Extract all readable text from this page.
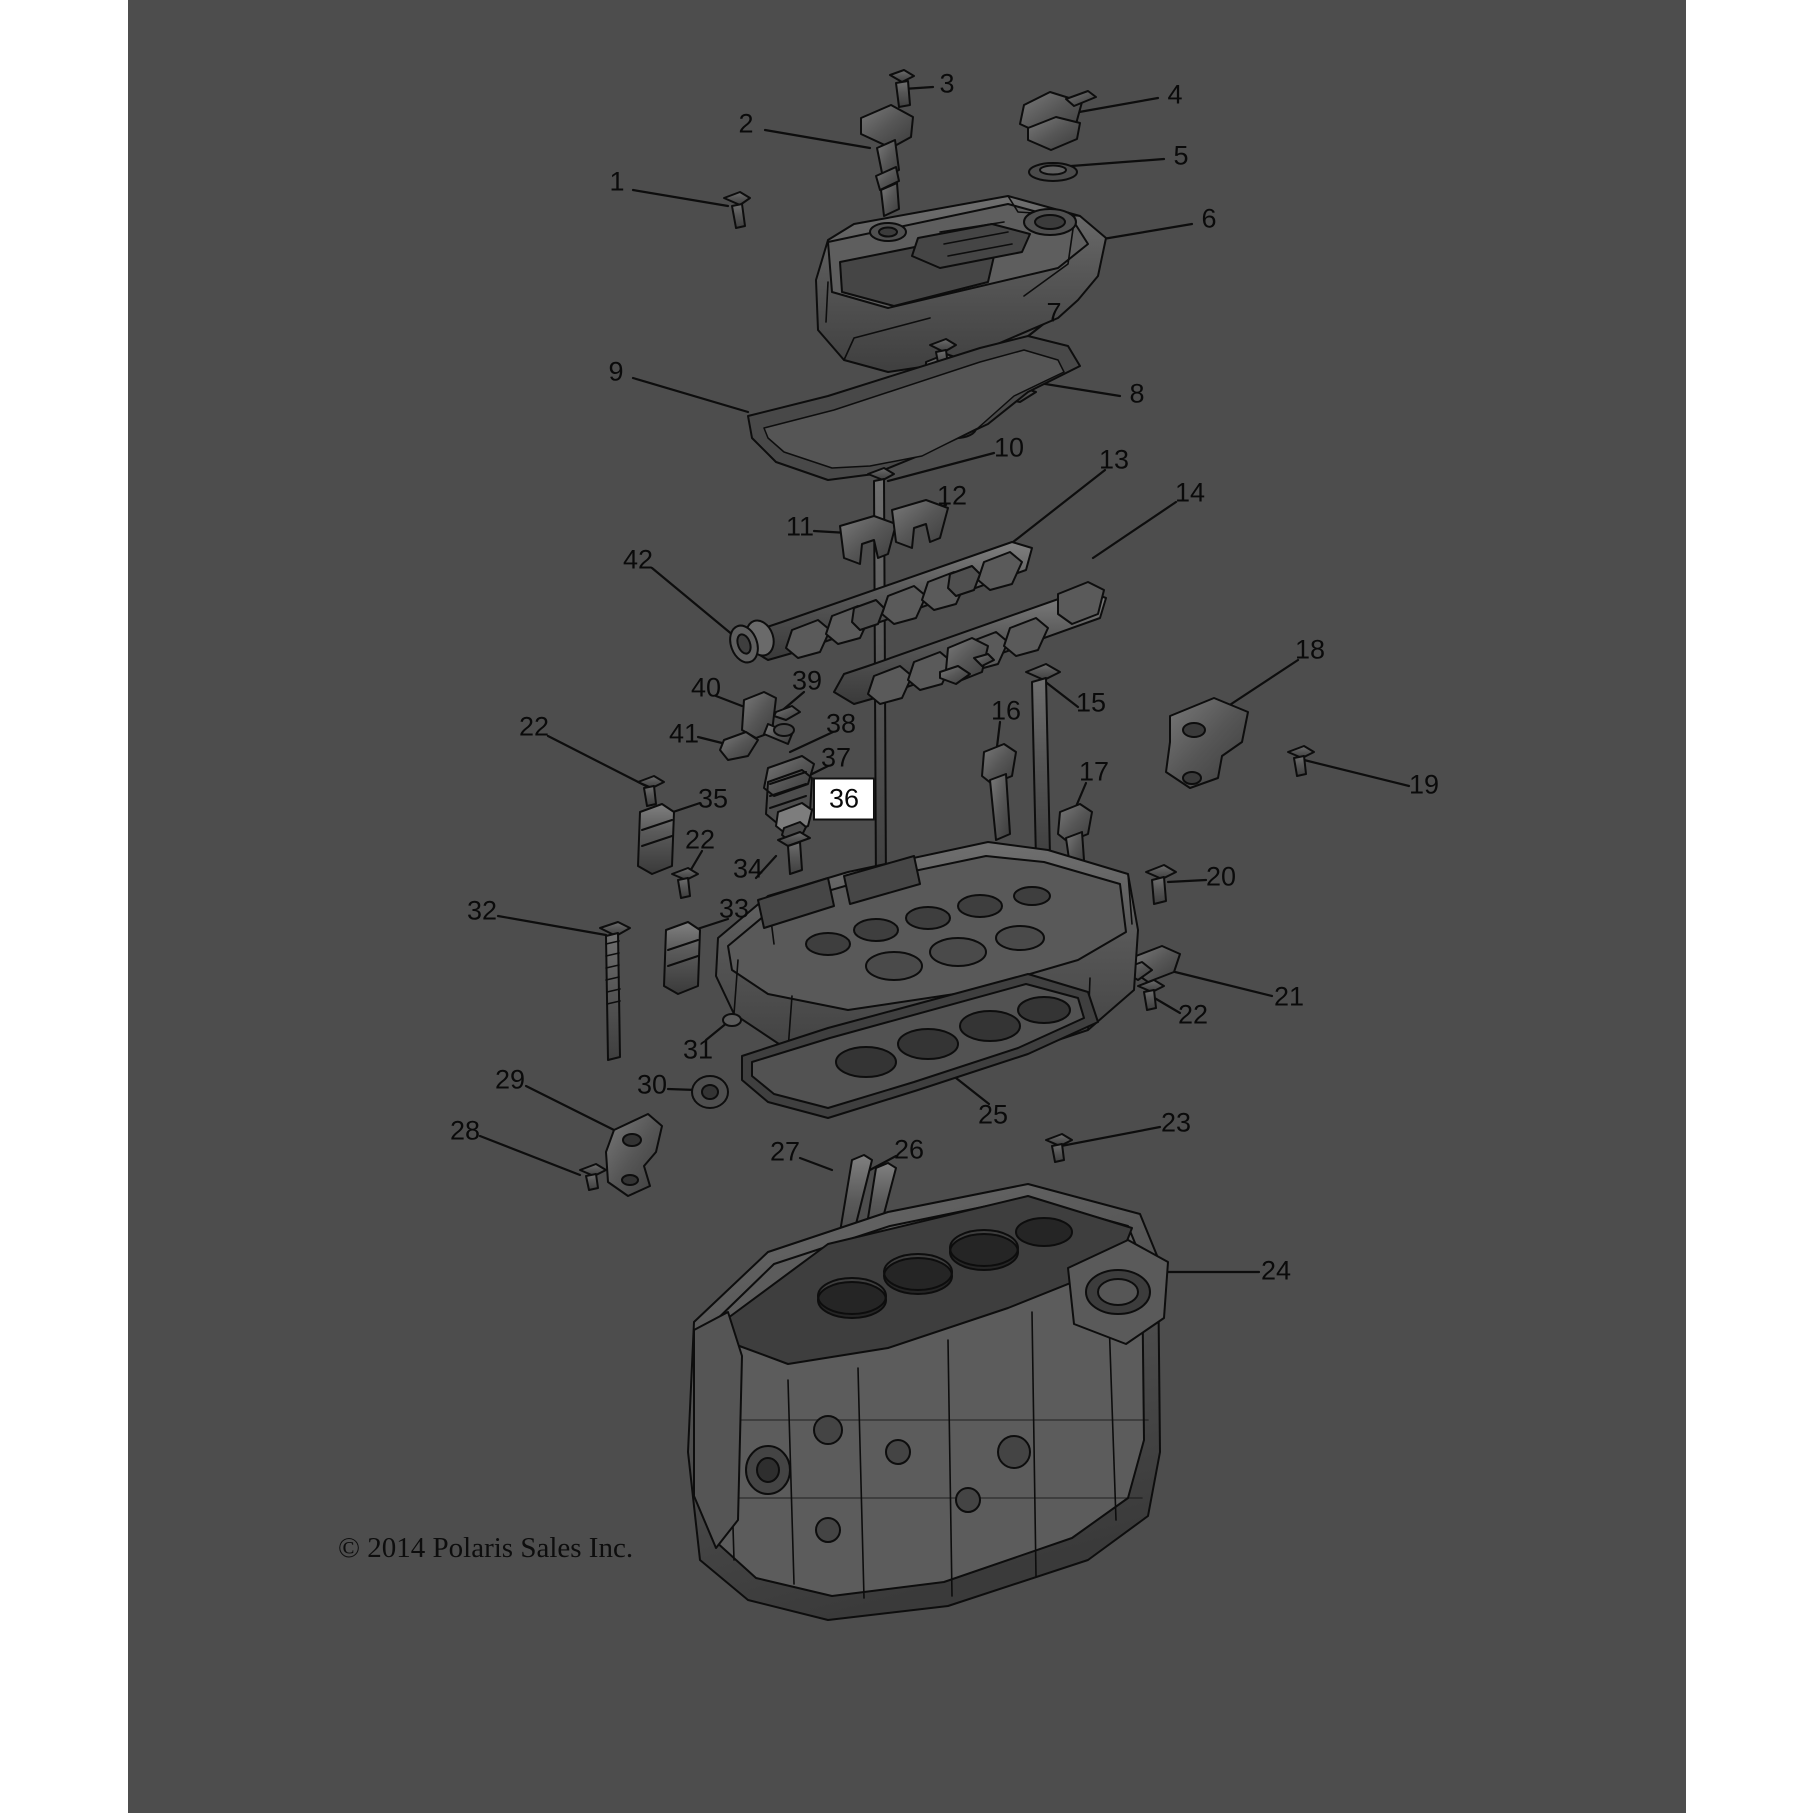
1
2
3	4
5
6
7
8
9
10
11
12
13
14
15
16
17
18
19
20
21
22
22
22
23
24
25
26
27
28
29	30
31
32	33
34
35	36
37
38
39
40
41
42
© 2014 Polaris Sales Inc.
